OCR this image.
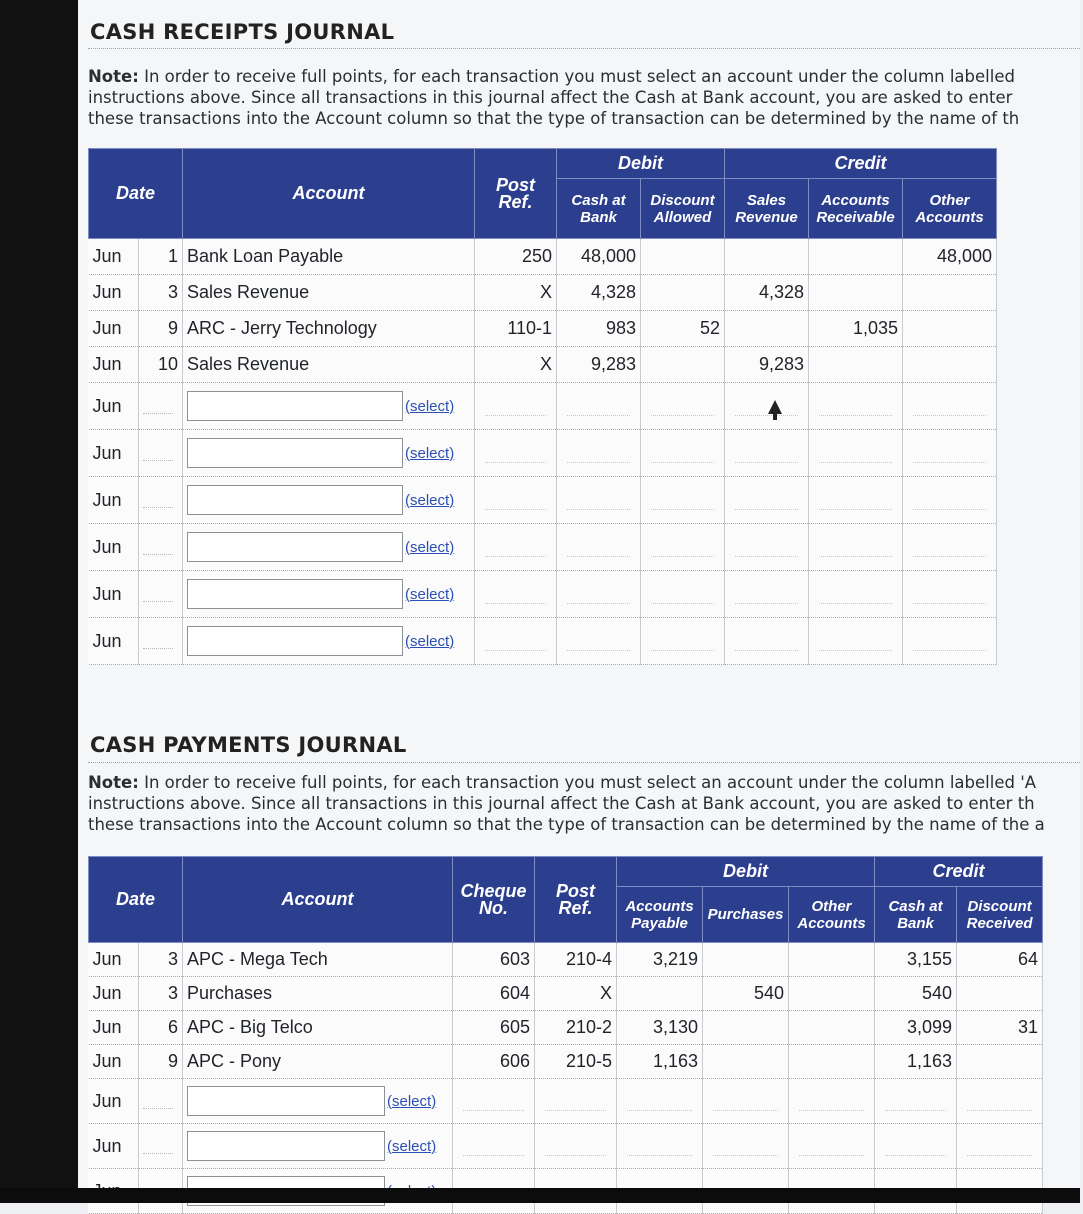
CASH RECEIPTS JOURNAL
Note: In order to receive full points, for each transaction you must select an account under the column labelled
instructions above. Since all transactions in this journal affect the Cash at Bank account, you are asked to enter
these transactions into the Account column so that the type of transaction can be determined by the name of th
Date		Account	Post Ref.	Debit		Credit		
				Cash at Bank	Discount Allowed	Sales Revenue	Accounts Receivable	Other Accounts
Jun	1	Bank Loan Payable	250	48,000				48,000
Jun	3	Sales Revenue	X	4,328		4,328		
Jun	9	ARC - Jerry Technology	110-1	983	52		1,035	
Jun	10	Sales Revenue	X	9,283		9,283		
Jun		(select)	

Jun		(select)	

Jun		(select)	

Jun		(select)	

Jun		(select)	

Jun		(select)	

CASH PAYMENTS JOURNAL
Note: In order to receive full points, for each transaction you must select an account under the column labelled 'A
instructions above. Since all transactions in this journal affect the Cash at Bank account, you are asked to enter th
these transactions into the Account column so that the type of transaction can be determined by the name of the a
Date		Account	Cheque No.	Post Ref.	Debit			Credit	
					Accounts Payable	Purchases	Other Accounts	Cash at Bank	Discount Received
Jun	3	APC - Mega Tech	603	210-4	3,219			3,155	64
Jun	3	Purchases	604	X		540		540	
Jun	6	APC - Big Telco	605	210-2	3,130			3,099	31
Jun	9	APC - Pony	606	210-5	1,163			1,163	
Jun		(select)	

Jun		(select)	
